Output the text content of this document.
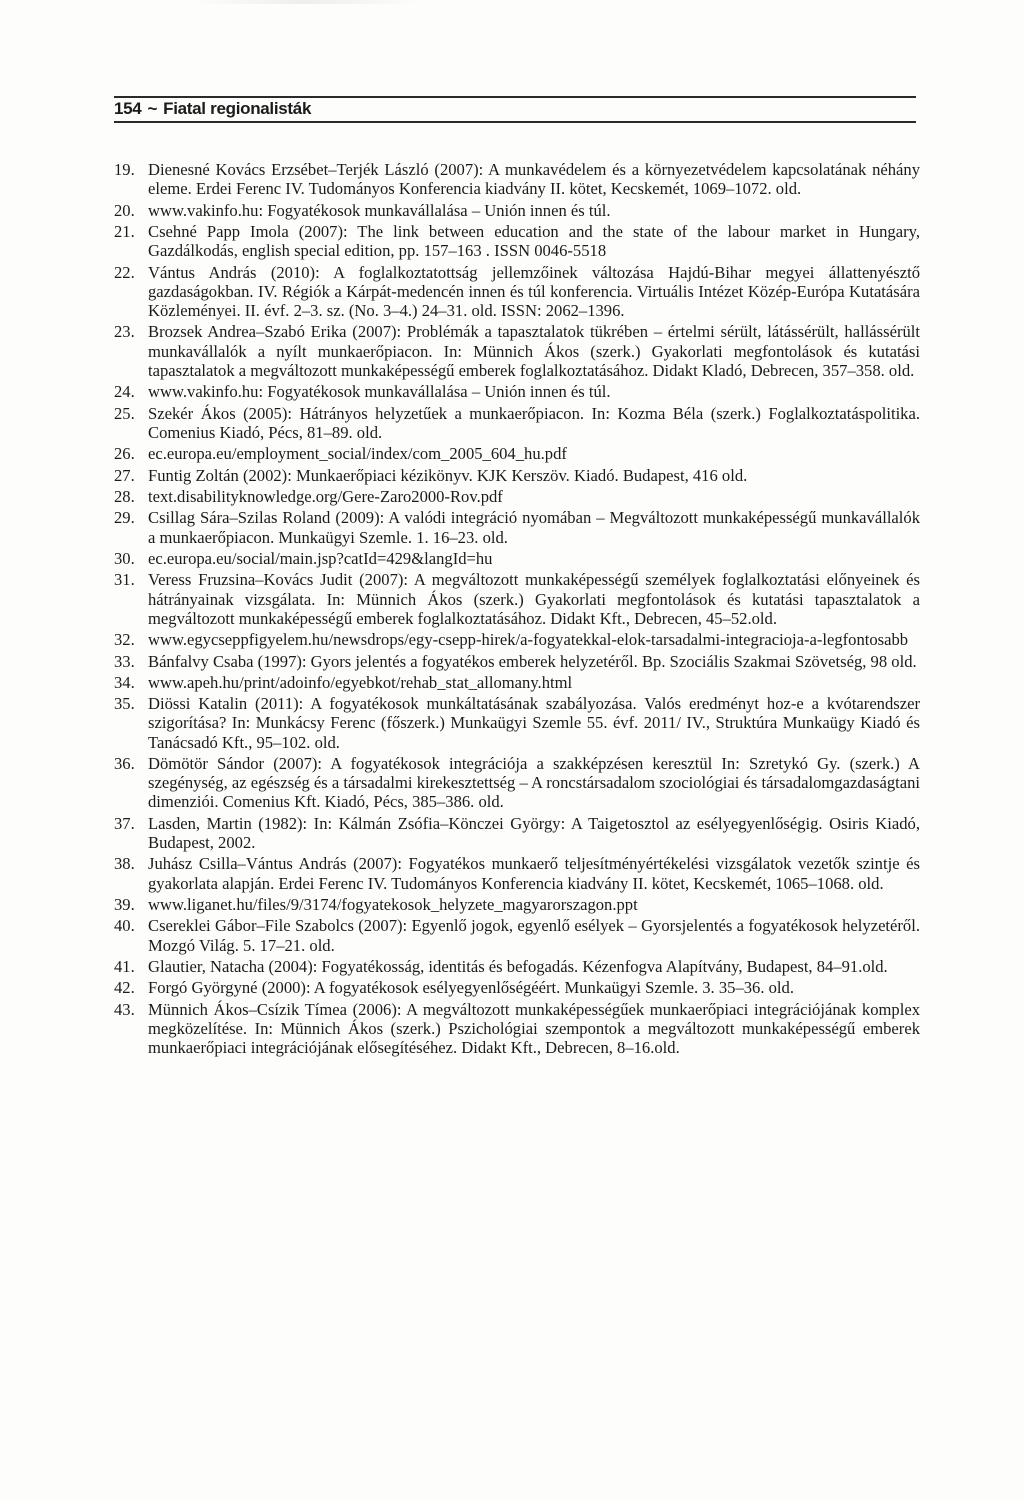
154 ~ Fiatal regionalisták
19. Dienesné Kovács Erzsébet–Terjék László (2007): A munkavédelem és a környezetvédelem kapcsolatának néhány eleme. Erdei Ferenc IV. Tudományos Konferencia kiadvány II. kötet, Kecskemét, 1069–1072. old.
20. www.vakinfo.hu: Fogyatékosok munkavállalása – Unión innen és túl.
21. Csehné Papp Imola (2007): The link between education and the state of the labour market in Hungary, Gazdálkodás, english special edition, pp. 157–163 . ISSN 0046-5518
22. Vántus András (2010): A foglalkoztatottság jellemzőinek változása Hajdú-Bihar megyei állattenyésztő gazdaságokban. IV. Régiók a Kárpát-medencén innen és túl konferencia. Virtuális Intézet Közép-Európa Kutatására Közleményei. II. évf. 2–3. sz. (No. 3–4.) 24–31. old. ISSN: 2062–1396.
23. Brozsek Andrea–Szabó Erika (2007): Problémák a tapasztalatok tükrében – értelmi sérült, látássérült, hallássérült munkavállalók a nyílt munkaerőpiacon. In: Münnich Ákos (szerk.) Gyakorlati megfontolások és kutatási tapasztalatok a megváltozott munkaképességű emberek foglalkoztatásához. Didakt Kladó, Debrecen, 357–358. old.
24. www.vakinfo.hu: Fogyatékosok munkavállalása – Unión innen és túl.
25. Szekér Ákos (2005): Hátrányos helyzetűek a munkaerőpiacon. In: Kozma Béla (szerk.) Foglalkoztatáspolitika. Comenius Kiadó, Pécs, 81–89. old.
26. ec.europa.eu/employment_social/index/com_2005_604_hu.pdf
27. Funtig Zoltán (2002): Munkaerőpiaci kézikönyv. KJK Kerszöv. Kiadó. Budapest, 416 old.
28. text.disabilityknowledge.org/Gere-Zaro2000-Rov.pdf
29. Csillag Sára–Szilas Roland (2009): A valódi integráció nyomában – Megváltozott munkaképességű munkavállalók a munkaerőpiacon. Munkaügyi Szemle. 1. 16–23. old.
30. ec.europa.eu/social/main.jsp?catId=429&langId=hu
31. Veress Fruzsina–Kovács Judit (2007): A megváltozott munkaképességű személyek foglalkoztatási előnyeinek és hátrányainak vizsgálata. In: Münnich Ákos (szerk.) Gyakorlati megfontolások és kutatási tapasztalatok a megváltozott munkaképességű emberek foglalkoztatásához. Didakt Kft., Debrecen, 45–52.old.
32. www.egycseppfigyelem.hu/newsdrops/egy-csepp-hirek/a-fogyatekkal-elok-tarsadalmi-integracioja-a-legfontosabb
33. Bánfalvy Csaba (1997): Gyors jelentés a fogyatékos emberek helyzetéről. Bp. Szociális Szakmai Szövetség, 98 old.
34. www.apeh.hu/print/adoinfo/egyebkot/rehab_stat_allomany.html
35. Diössi Katalin (2011): A fogyatékosok munkáltatásának szabályozása. Valós eredményt hoz-e a kvótarendszer szigorítása? In: Munkácsy Ferenc (főszerk.) Munkaügyi Szemle 55. évf. 2011/ IV., Struktúra Munkaügy Kiadó és Tanácsadó Kft., 95–102. old.
36. Dömötör Sándor (2007): A fogyatékosok integrációja a szakképzésen keresztül In: Szretykó Gy. (szerk.) A szegénység, az egészség és a társadalmi kirekesztettség – A roncstársadalom szociológiai és társadalomgazdaságtani dimenziói. Comenius Kft. Kiadó, Pécs, 385–386. old.
37. Lasden, Martin (1982): In: Kálmán Zsófia–Könczei György: A Taigetosztol az esélyegyenlőségig. Osiris Kiadó, Budapest, 2002.
38. Juhász Csilla–Vántus András (2007): Fogyatékos munkaerő teljesítményértékelési vizsgálatok vezetők szintje és gyakorlata alapján. Erdei Ferenc IV. Tudományos Konferencia kiadvány II. kötet, Kecskemét, 1065–1068. old.
39. www.liganet.hu/files/9/3174/fogyatekosok_helyzete_magyarorszagon.ppt
40. Csereklei Gábor–File Szabolcs (2007): Egyenlő jogok, egyenlő esélyek – Gyorsjelentés a fogyatékosok helyzetéről. Mozgó Világ. 5. 17–21. old.
41. Glautier, Natacha (2004): Fogyatékosság, identitás és befogadás. Kézenfogva Alapítvány, Budapest, 84–91.old.
42. Forgó Györgyné (2000): A fogyatékosok esélyegyenlőségéért. Munkaügyi Szemle. 3. 35–36. old.
43. Münnich Ákos–Csízik Tímea (2006): A megváltozott munkaképességűek munkaerőpiaci integrációjának komplex megközelítése. In: Münnich Ákos (szerk.) Pszichológiai szempontok a megváltozott munkaképességű emberek munkaerőpiaci integrációjának elősegítéséhez. Didakt Kft., Debrecen, 8–16.old.
